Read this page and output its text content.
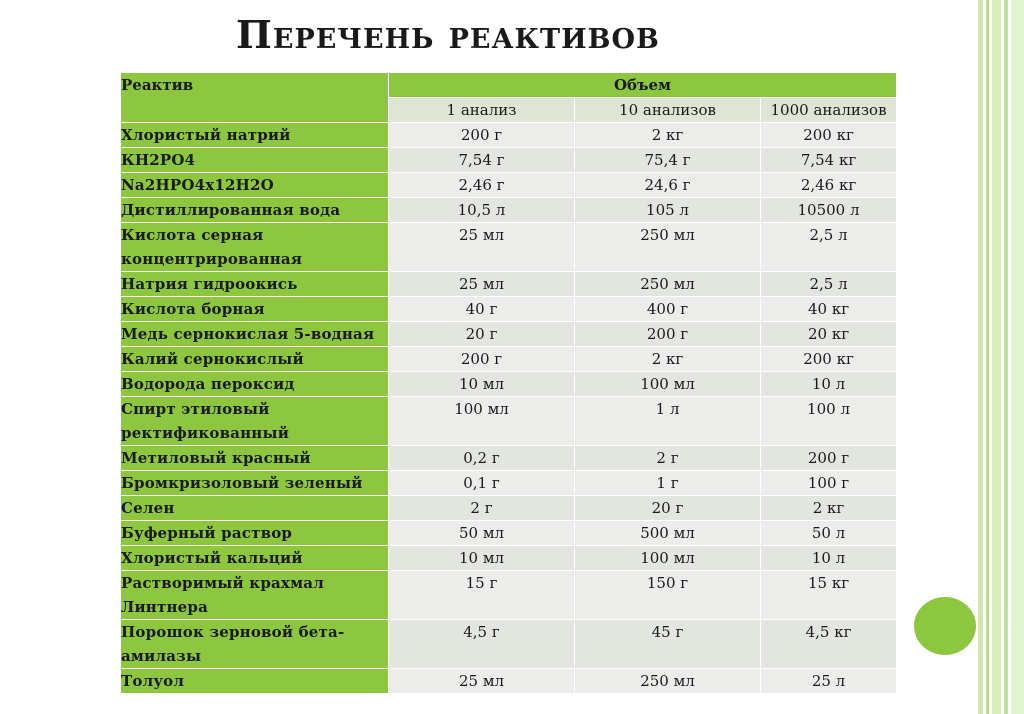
Перечень реактивов
Реактив	Объем		
	1 анализ	10 анализов	1000 анализов
Хлористый натрий	200 г	2 кг	200 кг
КН2РО4	7,54 г	75,4 г	7,54 кг
Na2HPO4x12H2O	2,46 г	24,6 г	2,46 кг
Дистиллированная вода	10,5 л	105 л	10500 л
Кислота серная концентрированная	25 мл	250 мл	2,5 л
Натрия гидроокись	25 мл	250 мл	2,5 л
Кислота борная	40 г	400 г	40 кг
Медь сернокислая 5-водная	20 г	200 г	20 кг
Калий сернокислый	200 г	2 кг	200 кг
Водорода пероксид	10 мл	100 мл	10 л
Спирт этиловый ректификованный	100 мл	1 л	100 л
Метиловый красный	0,2 г	2 г	200 г
Бромкризоловый зеленый	0,1 г	1 г	100 г
Селен	2 г	20 г	2 кг
Буферный раствор	50 мл	500 мл	50 л
Хлористый кальций	10 мл	100 мл	10 л
Растворимый крахмал Линтнера	15 г	150 г	15 кг
Порошок зерновой бета-амилазы	4,5 г	45 г	4,5 кг
Толуол	25 мл	250 мл	25 л
